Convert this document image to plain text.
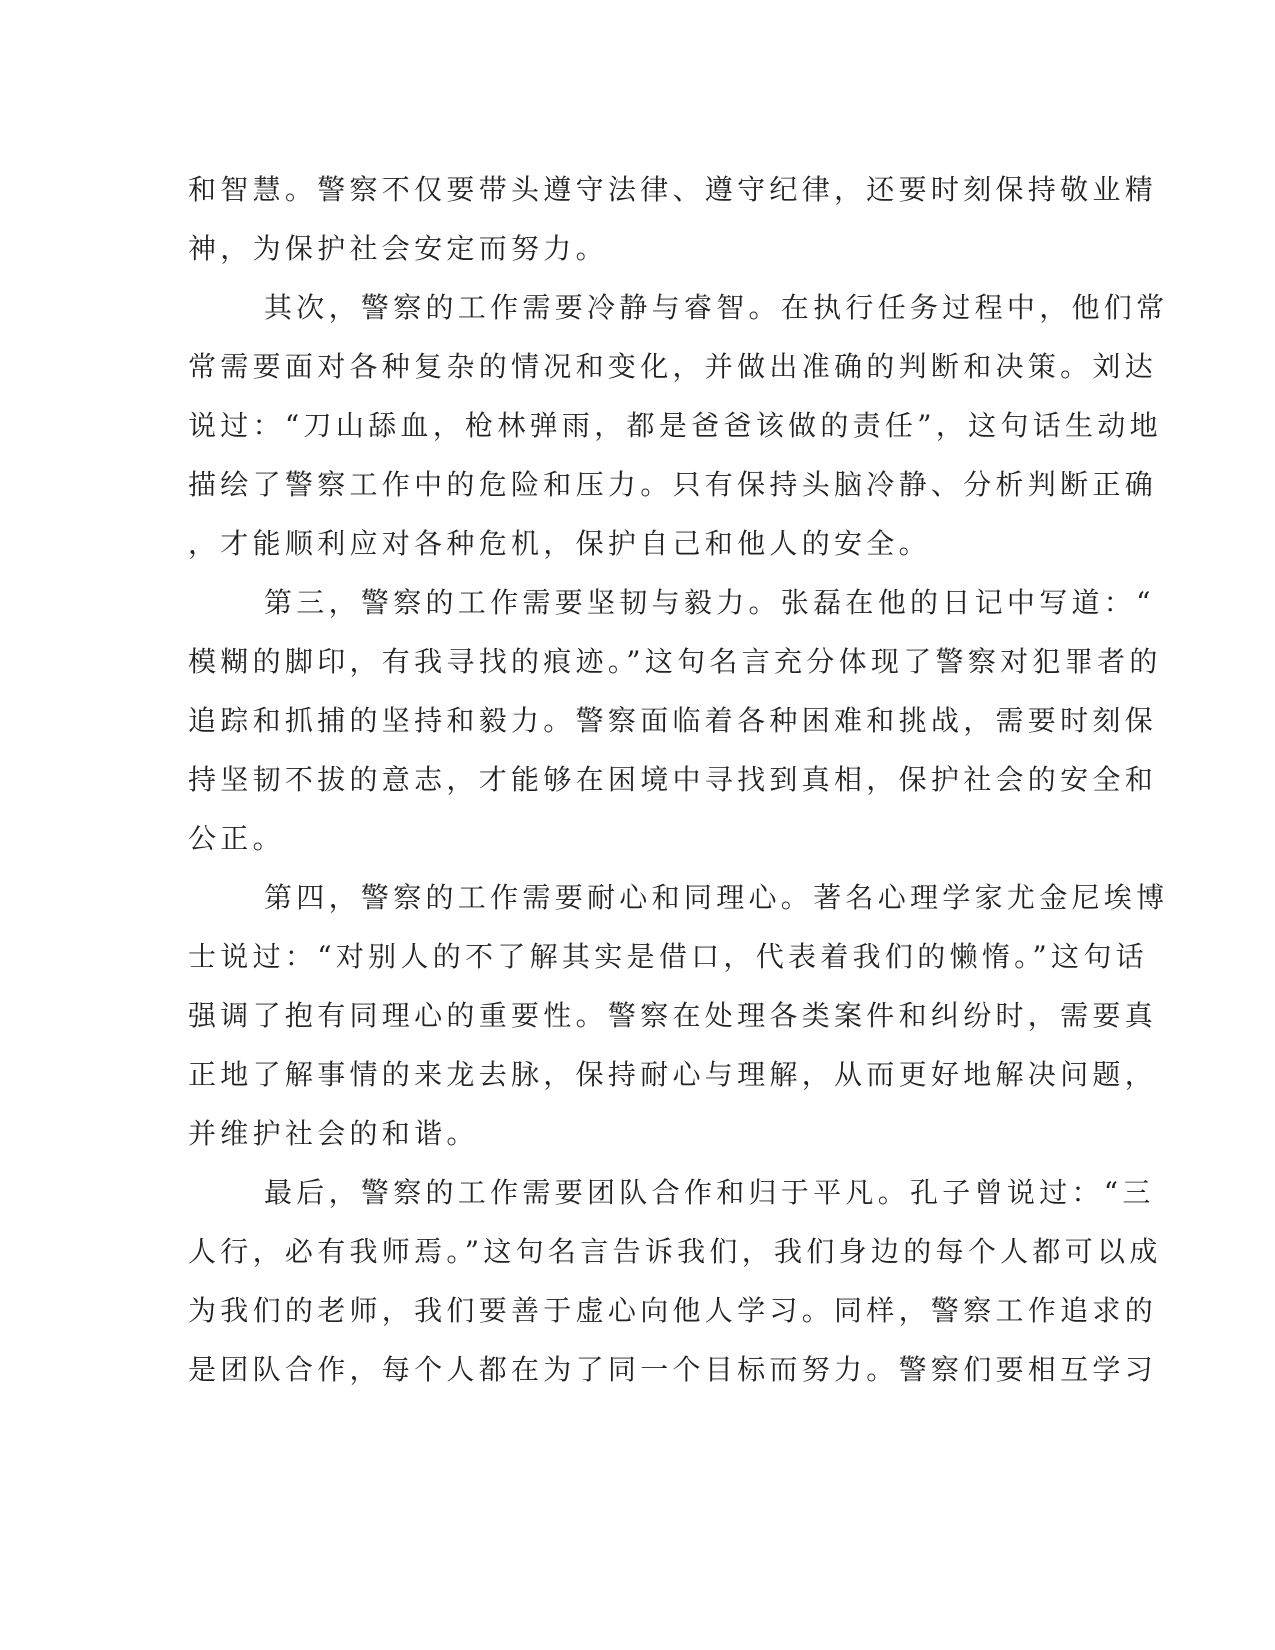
和智慧。警察不仅要带头遵守法律、遵守纪律，还要时刻保持敬业精
神，为保护社会安定而努力。
其次，警察的工作需要冷静与睿智。在执行任务过程中，他们常
常需要面对各种复杂的情况和变化，并做出准确的判断和决策。刘达
说过：“刀山舔血，枪林弹雨，都是爸爸该做的责任”，这句话生动地
描绘了警察工作中的危险和压力。只有保持头脑冷静、分析判断正确
，才能顺利应对各种危机，保护自己和他人的安全。
第三，警察的工作需要坚韧与毅力。张磊在他的日记中写道：“
模糊的脚印，有我寻找的痕迹。”这句名言充分体现了警察对犯罪者的
追踪和抓捕的坚持和毅力。警察面临着各种困难和挑战，需要时刻保
持坚韧不拔的意志，才能够在困境中寻找到真相，保护社会的安全和
公正。
第四，警察的工作需要耐心和同理心。著名心理学家尤金尼埃博
士说过：“对别人的不了解其实是借口，代表着我们的懒惰。”这句话
强调了抱有同理心的重要性。警察在处理各类案件和纠纷时，需要真
正地了解事情的来龙去脉，保持耐心与理解，从而更好地解决问题，
并维护社会的和谐。
最后，警察的工作需要团队合作和归于平凡。孔子曾说过：“三
人行，必有我师焉。”这句名言告诉我们，我们身边的每个人都可以成
为我们的老师，我们要善于虚心向他人学习。同样，警察工作追求的
是团队合作，每个人都在为了同一个目标而努力。警察们要相互学习
